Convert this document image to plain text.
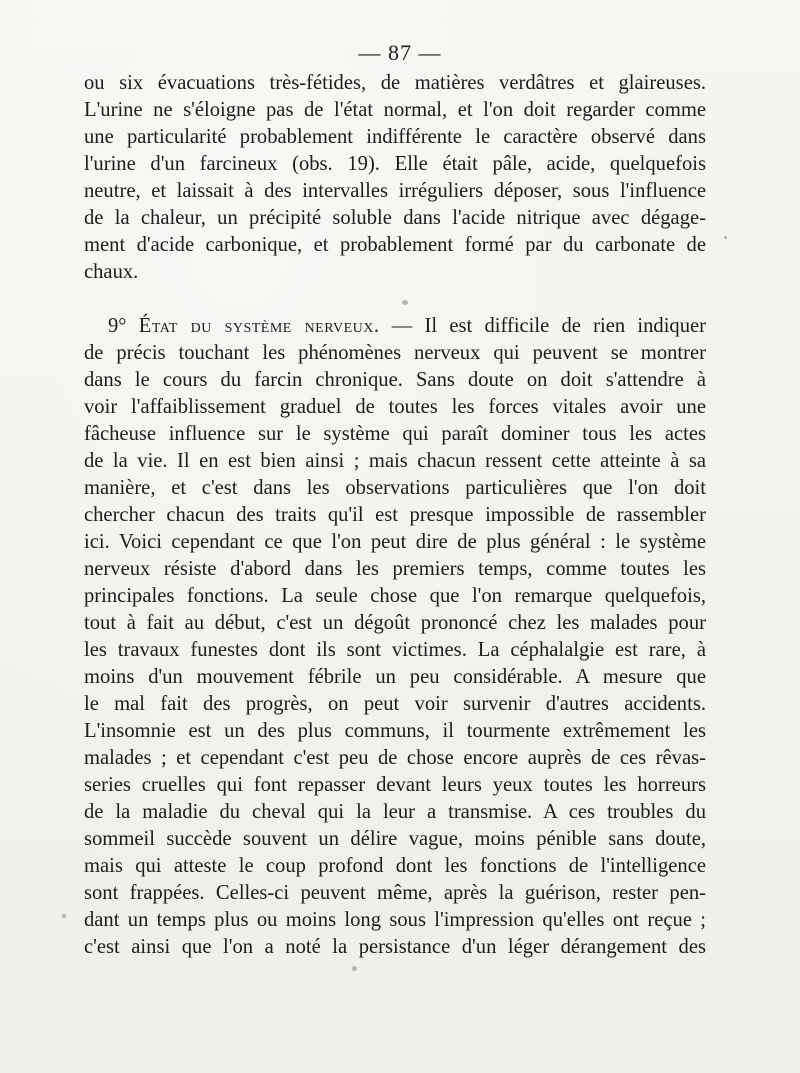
— 87 —
ou six évacuations très-fétides, de matières verdâtres et glaireuses.
L'urine ne s'éloigne pas de l'état normal, et l'on doit regarder comme
une particularité probablement indifférente le caractère observé dans
l'urine d'un farcineux (obs. 19). Elle était pâle, acide, quelquefois
neutre, et laissait à des intervalles irréguliers déposer, sous l'influence
de la chaleur, un précipité soluble dans l'acide nitrique avec dégage-
ment d'acide carbonique, et probablement formé par du carbonate de
chaux.
9° État du système nerveux. — Il est difficile de rien indiquer
de précis touchant les phénomènes nerveux qui peuvent se montrer
dans le cours du farcin chronique. Sans doute on doit s'attendre à
voir l'affaiblissement graduel de toutes les forces vitales avoir une
fâcheuse influence sur le système qui paraît dominer tous les actes
de la vie. Il en est bien ainsi ; mais chacun ressent cette atteinte à sa
manière, et c'est dans les observations particulières que l'on doit
chercher chacun des traits qu'il est presque impossible de rassembler
ici. Voici cependant ce que l'on peut dire de plus général : le système
nerveux résiste d'abord dans les premiers temps, comme toutes les
principales fonctions. La seule chose que l'on remarque quelquefois,
tout à fait au début, c'est un dégoût prononcé chez les malades pour
les travaux funestes dont ils sont victimes. La céphalalgie est rare, à
moins d'un mouvement fébrile un peu considérable. A mesure que
le mal fait des progrès, on peut voir survenir d'autres accidents.
L'insomnie est un des plus communs, il tourmente extrêmement les
malades ; et cependant c'est peu de chose encore auprès de ces rêvas-
series cruelles qui font repasser devant leurs yeux toutes les horreurs
de la maladie du cheval qui la leur a transmise. A ces troubles du
sommeil succède souvent un délire vague, moins pénible sans doute,
mais qui atteste le coup profond dont les fonctions de l'intelligence
sont frappées. Celles-ci peuvent même, après la guérison, rester pen-
dant un temps plus ou moins long sous l'impression qu'elles ont reçue ;
c'est ainsi que l'on a noté la persistance d'un léger dérangement des
